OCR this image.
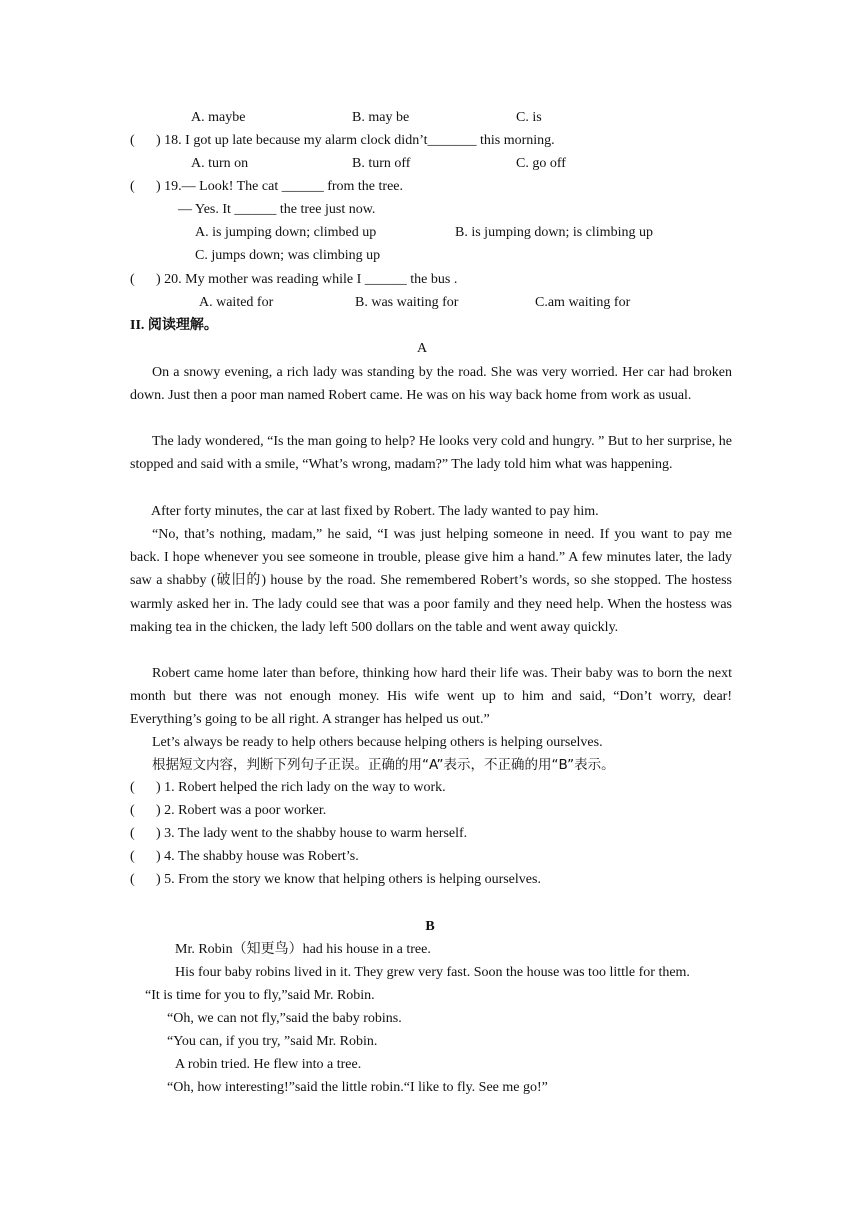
A. maybe	B. may be	C. is
( ) 18. I got up late because my alarm clock didn’t_______ this morning.
A. turn on	B. turn off	C. go off
( ) 19.— Look! The cat ______ from the tree.
— Yes. It ______ the tree just now.
A. is jumping down; climbed up	B. is jumping down; is climbing up
C. jumps down; was climbing up
( ) 20. My mother was reading while I ______ the bus .
A. waited for	B. was waiting for	C.am waiting for
II. 阅读理解。
A
On a snowy evening, a rich lady was standing by the road. She was very worried. Her car had broken down. Just then a poor man named Robert came. He was on his way back home from work as usual.
The lady wondered, “Is the man going to help? He looks very cold and hungry. ” But to her surprise, he stopped and said with a smile, “What’s wrong, madam?” The lady told him what was happening.
After forty minutes, the car at last fixed by Robert. The lady wanted to pay him.
“No, that’s nothing, madam,” he said, “I was just helping someone in need. If you want to pay me back. I hope whenever you see someone in trouble, please give him a hand.” A few minutes later, the lady saw a shabby (破旧的) house by the road. She remembered Robert’s words, so she stopped. The hostess warmly asked her in. The lady could see that was a poor family and they need help. When the hostess was making tea in the chicken, the lady left 500 dollars on the table and went away quickly.
Robert came home later than before, thinking how hard their life was. Their baby was to born the next month but there was not enough money. His wife went up to him and said, “Don’t worry, dear! Everything’s going to be all right. A stranger has helped us out.”
Let’s always be ready to help others because helping others is helping ourselves.
根据短文内容，判断下列句子正误。正确的用“A”表示，不正确的用“B”表示。
( ) 1. Robert helped the rich lady on the way to work.
( ) 2. Robert was a poor worker.
( ) 3. The lady went to the shabby house to warm herself.
( ) 4. The shabby house was Robert’s.
( ) 5. From the story we know that helping others is helping ourselves.
B
Mr. Robin（知更鸟）had his house in a tree.
His four baby robins lived in it. They grew very fast. Soon the house was too little for them.
“It is time for you to fly,”said Mr. Robin.
“Oh, we can not fly,”said the baby robins.
“You can, if you try, ”said Mr. Robin.
A robin tried. He flew into a tree.
“Oh, how interesting!”said the little robin.“I like to fly. See me go!”
